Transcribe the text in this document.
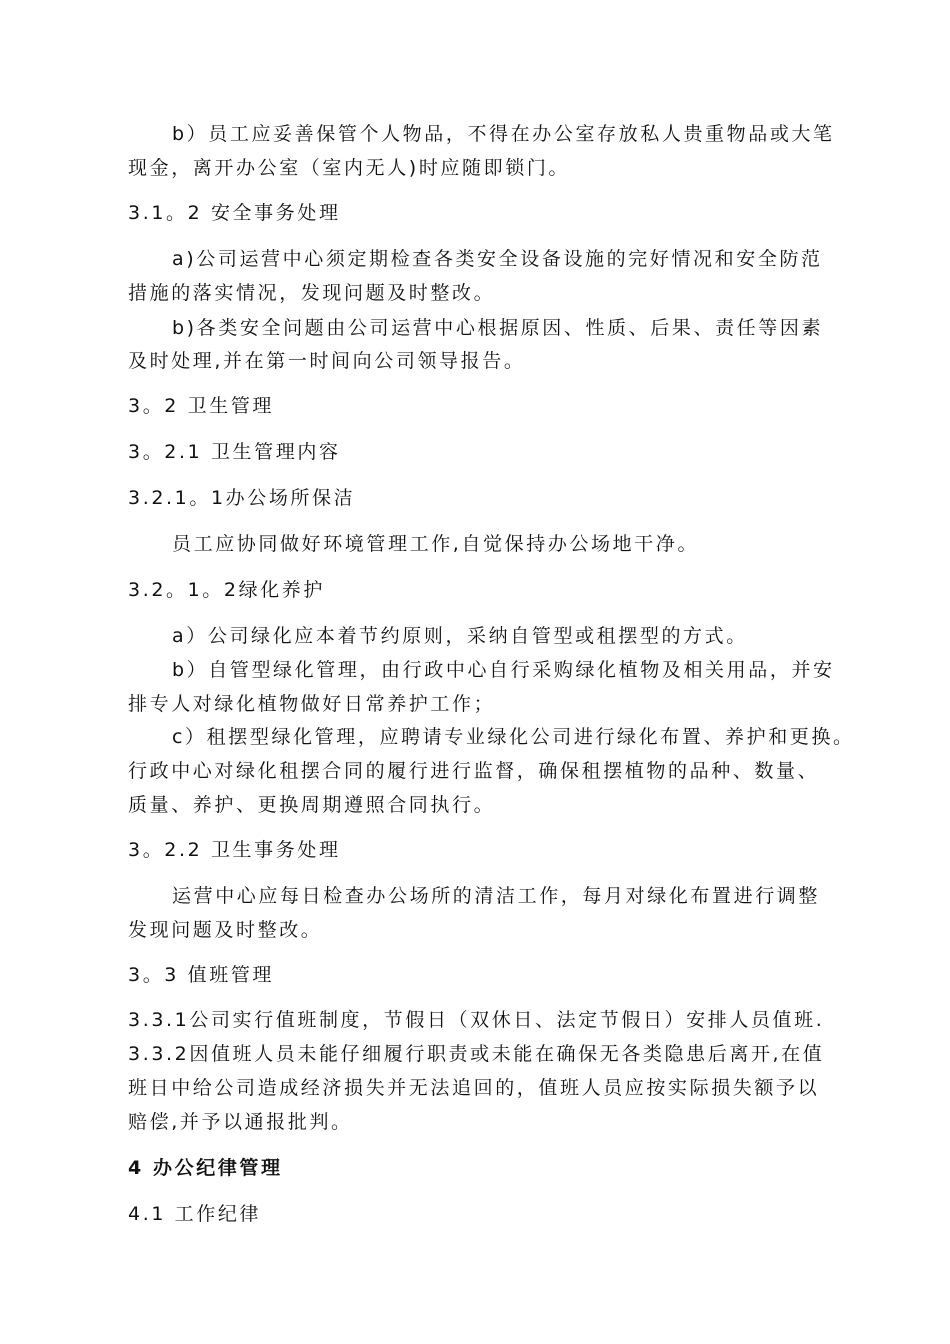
b）员工应妥善保管个人物品，不得在办公室存放私人贵重物品或大笔
现金，离开办公室（室内无人)时应随即锁门。
3.1。2 安全事务处理
a)公司运营中心须定期检查各类安全设备设施的完好情况和安全防范
措施的落实情况，发现问题及时整改。
b)各类安全问题由公司运营中心根据原因、性质、后果、责任等因素
及时处理,并在第一时间向公司领导报告。
3。2 卫生管理
3。2.1 卫生管理内容
3.2.1。1办公场所保洁
员工应协同做好环境管理工作,自觉保持办公场地干净。
3.2。1。2绿化养护
a）公司绿化应本着节约原则，采纳自管型或租摆型的方式。
b）自管型绿化管理，由行政中心自行采购绿化植物及相关用品，并安
排专人对绿化植物做好日常养护工作；
c）租摆型绿化管理，应聘请专业绿化公司进行绿化布置、养护和更换。
行政中心对绿化租摆合同的履行进行监督，确保租摆植物的品种、数量、
质量、养护、更换周期遵照合同执行。
3。2.2 卫生事务处理
运营中心应每日检查办公场所的清洁工作，每月对绿化布置进行调整
发现问题及时整改。
3。3 值班管理
3.3.1公司实行值班制度，节假日（双休日、法定节假日）安排人员值班.
3.3.2因值班人员未能仔细履行职责或未能在确保无各类隐患后离开,在值
班日中给公司造成经济损失并无法追回的，值班人员应按实际损失额予以
赔偿,并予以通报批判。
4 办公纪律管理
4.1 工作纪律
